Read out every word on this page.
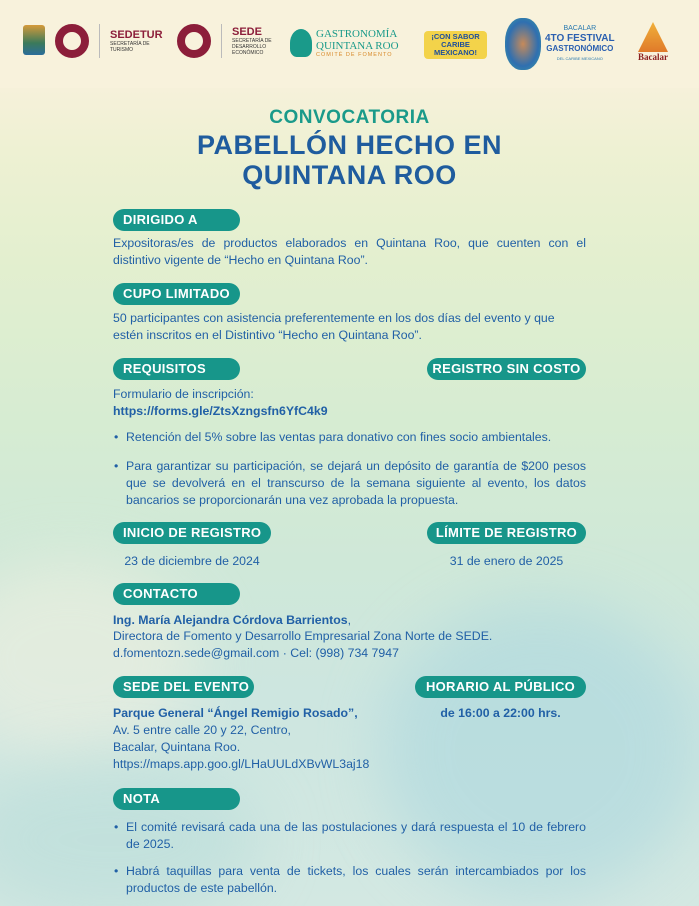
SEDETUR
SECRETARÍA DE TURISMO
SEDE
SECRETARÍA DE DESARROLLO ECONÓMICO
GASTRONOMÍA QUINTANA ROO
COMITÉ DE FOMENTO
¡CON SABOR CARIBE MEXICANO!
BACALAR
4TO FESTIVAL
GASTRONÓMICO
DEL CARIBE MEXICANO	Bacalar
CONVOCATORIA
PABELLÓN HECHO EN
QUINTANA ROO
DIRIGIDO A
Expositoras/es de productos elaborados en Quintana Roo, que cuenten con el distintivo vigente de “Hecho en Quintana Roo”.
CUPO LIMITADO
50 participantes con asistencia preferentemente en los dos días del evento y que estén inscritos en el Distintivo “Hecho en Quintana Roo”.
REQUISITOS	REGISTRO SIN COSTO
Formulario de inscripción:
https://forms.gle/ZtsXzngsfn6YfC4k9
• Retención del 5% sobre las ventas para donativo con fines socio ambientales.
• Para garantizar su participación, se dejará un depósito de garantía de $200 pesos que se devolverá en el transcurso de la semana siguiente al evento, los datos bancarios se proporcionarán una vez aprobada la propuesta.
INICIO DE REGISTRO	LÍMITE DE REGISTRO
23 de diciembre de 2024	31 de enero de 2025
CONTACTO
Ing. María Alejandra Córdova Barrientos,
Directora de Fomento y Desarrollo Empresarial Zona Norte de SEDE.
d.fomentozn.sede@gmail.com · Cel: (998) 734 7947
SEDE DEL EVENTO	HORARIO AL PÚBLICO
Parque General “Ángel Remigio Rosado”,
Av. 5 entre calle 20 y 22, Centro,
Bacalar, Quintana Roo.
https://maps.app.goo.gl/LHaUULdXBvWL3aj18
de 16:00 a 22:00 hrs.
NOTA
• El comité revisará cada una de las postulaciones y dará respuesta el 10 de febrero de 2025.
• Habrá taquillas para venta de tickets, los cuales serán intercambiados por los productos de este pabellón.
